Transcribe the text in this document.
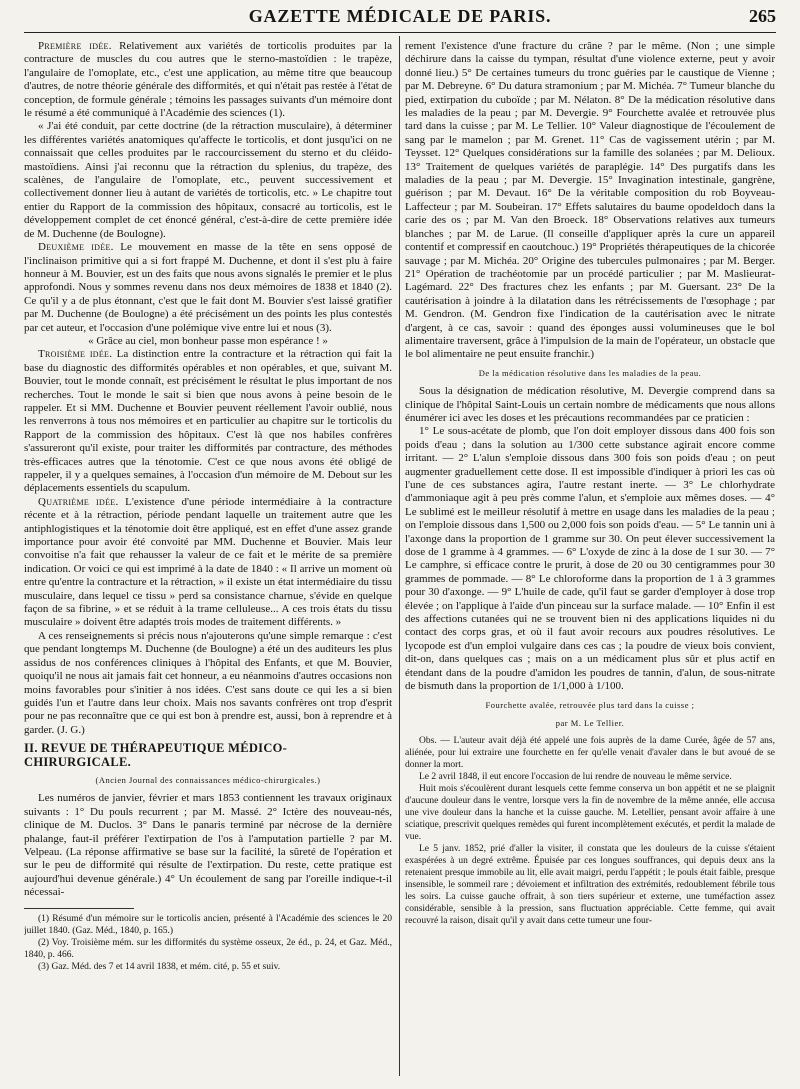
GAZETTE MÉDICALE DE PARIS.	265

Première idée. Relativement aux variétés de torticolis produites par la contracture de muscles du cou autres que le sterno-mastoïdien : le trapèze, l'angulaire de l'omoplate, etc., c'est une application, au même titre que beaucoup d'autres, de notre théorie générale des difformités, et qui n'était pas restée à l'état de conception, de formule générale ; témoins les passages suivants d'un mémoire dont le résumé a été communiqué à l'Académie des sciences (1).

« J'ai été conduit, par cette doctrine (de la rétraction musculaire), à déterminer les différentes variétés anatomiques qu'affecte le torticolis, et dont jusqu'ici on ne connaissait que celles produites par le raccourcissement du sterno et du cléido-mastoïdiens. Ainsi j'ai reconnu que la rétraction du splenius, du trapèze, des scalènes, de l'angulaire de l'omoplate, etc., peuvent successivement et collectivement donner lieu à autant de variétés de torticolis, etc. » Le chapitre tout entier du Rapport de la commission des hôpitaux, consacré au torticolis, est le développement complet de cet énoncé général, c'est-à-dire de cette première idée de M. Duchenne (de Boulogne).

Deuxième idée. Le mouvement en masse de la tête en sens opposé de l'inclinaison primitive qui a si fort frappé M. Duchenne, et dont il s'est plu à faire honneur à M. Bouvier, est un des faits que nous avons signalés le premier et le plus approfondi. Nous y sommes revenu dans nos deux mémoires de 1838 et 1840 (2). Ce qu'il y a de plus étonnant, c'est que le fait dont M. Bouvier s'est laissé gratifier par M. Duchenne (de Boulogne) a été précisément un des points les plus contestés par cet auteur, et l'occasion d'une polémique vive entre lui et nous (3).

« Grâce au ciel, mon bonheur passe mon espérance ! »

Troisième idée. La distinction entre la contracture et la rétraction qui fait la base du diagnostic des difformités opérables et non opérables, et que, suivant M. Bouvier, tout le monde connaît, est précisément le résultat le plus important de nos recherches. Tout le monde le sait si bien que nous avons à peine besoin de le rappeler. Et si MM. Duchenne et Bouvier peuvent réellement l'avoir oublié, nous les renverrons à tous nos mémoires et en particulier au chapitre sur le torticolis du Rapport de la commission des hôpitaux. C'est là que nos habiles confrères s'assureront qu'il existe, pour traiter les difformités par contracture, des méthodes très-efficaces autres que la ténotomie. C'est ce que nous avons été obligé de rappeler, il y a quelques semaines, à l'occasion d'un mémoire de M. Debout sur les déplacements essentiels du scapulum.

Quatrième idée. L'existence d'une période intermédiaire à la contracture récente et à la rétraction, période pendant laquelle un traitement autre que les antiphlogistiques et la ténotomie doit être appliqué, est en effet d'une assez grande importance pour avoir été convoité par MM. Duchenne et Bouvier. Mais leur convoitise n'a fait que rehausser la valeur de ce fait et le mérite de sa première indication. Or voici ce qui est imprimé à la date de 1840 : « Il arrive un moment où entre qu'entre la contracture et la rétraction, » il existe un état intermédiaire du tissu musculaire, dans lequel ce tissu » perd sa consistance charnue, s'évide en quelque façon de sa fibrine, » et se réduit à la trame celluleuse... A ces trois états du tissu musculaire » doivent être adaptés trois modes de traitement différents. »

A ces renseignements si précis nous n'ajouterons qu'une simple remarque : c'est que pendant longtemps M. Duchenne (de Boulogne) a été un des auditeurs les plus assidus de nos conférences cliniques à l'hôpital des Enfants, et que M. Bouvier, quoiqu'il ne nous ait jamais fait cet honneur, a eu néanmoins d'autres occasions non moins favorables pour s'initier à nos idées. C'est sans doute ce qui les a si bien guidés l'un et l'autre dans leur choix. Mais nos savants confrères ont trop d'esprit pour ne pas reconnaître que ce qui est bon à prendre est, aussi, bon à reprendre et à garder. (J. G.)

II. REVUE DE THÉRAPEUTIQUE MÉDICO-CHIRURGICALE.
(Ancien Journal des connaissances médico-chirurgicales.)

Les numéros de janvier, février et mars 1853 contiennent les travaux originaux suivants : 1° Du pouls recurrent ; par M. Massé. 2° Ictère des nouveau-nés, clinique de M. Duclos. 3° Dans le panaris terminé par nécrose de la dernière phalange, faut-il préférer l'extirpation de l'os à l'amputation partielle ? par M. Velpeau. (La réponse affirmative se base sur la facilité, la sûreté de l'opération et sur le peu de difformité qui résulte de l'extirpation. Du reste, cette pratique est aujourd'hui devenue générale.) 4° Un écoulement de sang par l'oreille indique-t-il nécessai-

(1) Résumé d'un mémoire sur le torticolis ancien, présenté à l'Académie des sciences le 20 juillet 1840. (Gaz. Méd., 1840, p. 165.)

(2) Voy. Troisième mém. sur les difformités du système osseux, 2e éd., p. 24, et Gaz. Méd., 1840, p. 466.

(3) Gaz. Méd. des 7 et 14 avril 1838, et mém. cité, p. 55 et suiv.

rement l'existence d'une fracture du crâne ? par le même. (Non ; une simple déchirure dans la caisse du tympan, résultat d'une violence externe, peut y avoir donné lieu.) 5° De certaines tumeurs du tronc guéries par le caustique de Vienne ; par M. Debreyne. 6° Du datura stramonium ; par M. Michéa. 7° Tumeur blanche du pied, extirpation du cuboïde ; par M. Nélaton. 8° De la médication résolutive dans les maladies de la peau ; par M. Devergie. 9° Fourchette avalée et retrouvée plus tard dans la cuisse ; par M. Le Tellier. 10° Valeur diagnostique de l'écoulement de sang par le mamelon ; par M. Grenet. 11° Cas de vagissement utérin ; par M. Teysset. 12° Quelques considérations sur la famille des solanées ; par M. Delioux. 13° Traitement de quelques variétés de paraplégie. 14° Des purgatifs dans les maladies de la peau ; par M. Devergie. 15° Invagination intestinale, gangrène, guérison ; par M. Devaut. 16° De la véritable composition du rob Boyveau-Laffecteur ; par M. Soubeiran. 17° Effets salutaires du baume opodeldoch dans la carie des os ; par M. Van den Broeck. 18° Observations relatives aux tumeurs blanches ; par M. de Larue. (Il conseille d'appliquer après la cure un appareil contentif et compressif en caoutchouc.) 19° Propriétés thérapeutiques de la chicorée sauvage ; par M. Michéa. 20° Origine des tubercules pulmonaires ; par M. Berger. 21° Opération de trachéotomie par un procédé particulier ; par M. Maslieurat-Lagémard. 22° Des fractures chez les enfants ; par M. Guersant. 23° De la cautérisation à joindre à la dilatation dans les rétrécissements de l'œsophage ; par M. Gendron. (M. Gendron fixe l'indication de la cautérisation avec le nitrate d'argent, à ce cas, savoir : quand des éponges aussi volumineuses que le bol alimentaire traversent, grâce à l'impulsion de la main de l'opérateur, un obstacle que le bol alimentaire ne peut ensuite franchir.)

De la médication résolutive dans les maladies de la peau.

Sous la désignation de médication résolutive, M. Devergie comprend dans sa clinique de l'hôpital Saint-Louis un certain nombre de médicaments que nous allons énumérer ici avec les doses et les précautions recommandées par ce praticien :

1° Le sous-acétate de plomb, que l'on doit employer dissous dans 400 fois son poids d'eau ; dans la solution au 1/300 cette substance agirait encore comme irritant. — 2° L'alun s'emploie dissous dans 300 fois son poids d'eau ; on peut augmenter graduellement cette dose. Il est impossible d'indiquer à priori les cas où l'une de ces substances agira, l'autre restant inerte. — 3° Le chlorhydrate d'ammoniaque agit à peu près comme l'alun, et s'emploie aux mêmes doses. — 4° Le sublimé est le meilleur résolutif à mettre en usage dans les maladies de la peau ; on l'emploie dissous dans 1,500 ou 2,000 fois son poids d'eau. — 5° Le tannin uni à l'axonge dans la proportion de 1 gramme sur 30. On peut élever successivement la dose de 1 gramme à 4 grammes. — 6° L'oxyde de zinc à la dose de 1 sur 30. — 7° Le camphre, si efficace contre le prurit, à dose de 20 ou 30 centigrammes pour 30 grammes de pommade. — 8° Le chloroforme dans la proportion de 1 à 3 grammes pour 30 d'axonge. — 9° L'huile de cade, qu'il faut se garder d'employer à dose trop élevée ; on l'applique à l'aide d'un pinceau sur la surface malade. — 10° Enfin il est des affections cutanées qui ne se trouvent bien ni des applications liquides ni du contact des corps gras, et où il faut avoir recours aux poudres résolutives. Le lycopode est d'un emploi vulgaire dans ces cas ; la poudre de vieux bois convient, dit-on, dans quelques cas ; mais on a un médicament plus sûr et plus actif en étendant dans de la poudre d'amidon les poudres de tannin, d'alun, de sous-nitrate de bismuth dans la proportion de 1/1,000 à 1/100.

Fourchette avalée, retrouvée plus tard dans la cuisse ;
par M. Le Tellier.

Obs. — L'auteur avait déjà été appelé une fois auprès de la dame Curée, âgée de 57 ans, aliénée, pour lui extraire une fourchette en fer qu'elle venait d'avaler dans le but avoué de se donner la mort.

Le 2 avril 1848, il eut encore l'occasion de lui rendre de nouveau le même service.

Huit mois s'écoulèrent durant lesquels cette femme conserva un bon appétit et ne se plaignit d'aucune douleur dans le ventre, lorsque vers la fin de novembre de la même année, elle accusa une vive douleur dans la hanche et la cuisse gauche. M. Letellier, pensant avoir affaire à une sciatique, prescrivit quelques remèdes qui furent incomplètement exécutés, et perdit la malade de vue.

Le 5 janv. 1852, prié d'aller la visiter, il constata que les douleurs de la cuisse s'étaient exaspérées à un degré extrême. Épuisée par ces longues souffrances, qui depuis deux ans la retenaient presque immobile au lit, elle avait maigri, perdu l'appétit ; le pouls était faible, presque insensible, le sommeil rare ; dévoiement et infiltration des extrémités, redoublement fébrile tous les soirs. La cuisse gauche offrait, à son tiers supérieur et externe, une tuméfaction assez considérable, sensible à la pression, sans fluctuation appréciable. Cette femme, qui avait recouvré la raison, disait qu'il y avait dans cette tumeur une four-
